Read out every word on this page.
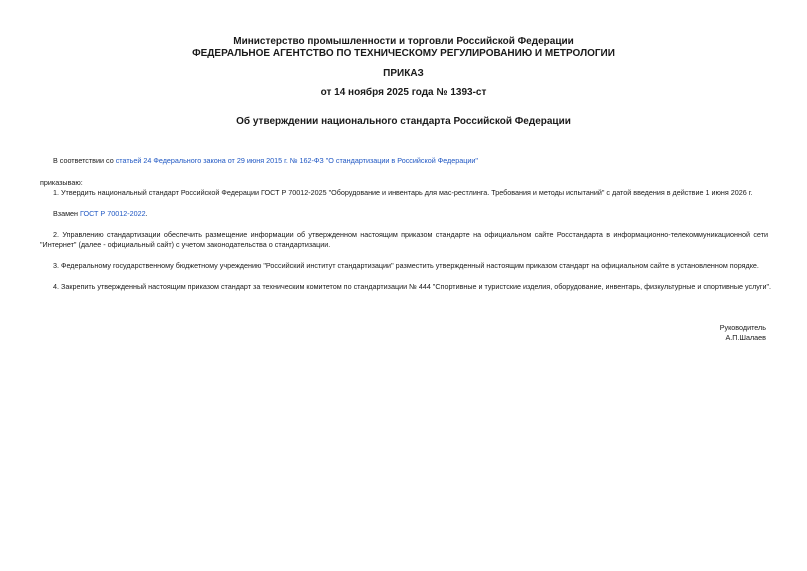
Министерство промышленности и торговли Российской Федерации
ФЕДЕРАЛЬНОЕ АГЕНТСТВО ПО ТЕХНИЧЕСКОМУ РЕГУЛИРОВАНИЮ И МЕТРОЛОГИИ
ПРИКАЗ
от 14 ноября 2025 года № 1393-ст
Об утверждении национального стандарта Российской Федерации
В соответствии со статьей 24 Федерального закона от 29 июня 2015 г. № 162-ФЗ "О стандартизации в Российской Федерации"
приказываю:
1. Утвердить национальный стандарт Российской Федерации ГОСТ Р 70012-2025 "Оборудование и инвентарь для мас-рестлинга. Требования и методы испытаний" с датой введения в действие 1 июня 2026 г.
Взамен ГОСТ Р 70012-2022.
2. Управлению стандартизации обеспечить размещение информации об утвержденном настоящим приказом стандарте на официальном сайте Росстандарта в информационно-телекоммуникационной сети "Интернет" (далее - официальный сайт) с учетом законодательства о стандартизации.
3. Федеральному государственному бюджетному учреждению "Российский институт стандартизации" разместить утвержденный настоящим приказом стандарт на официальном сайте в установленном порядке.
4. Закрепить утвержденный настоящим приказом стандарт за техническим комитетом по стандартизации № 444 "Спортивные и туристские изделия, оборудование, инвентарь, физкультурные и спортивные услуги".
Руководитель
А.П.Шалаев
